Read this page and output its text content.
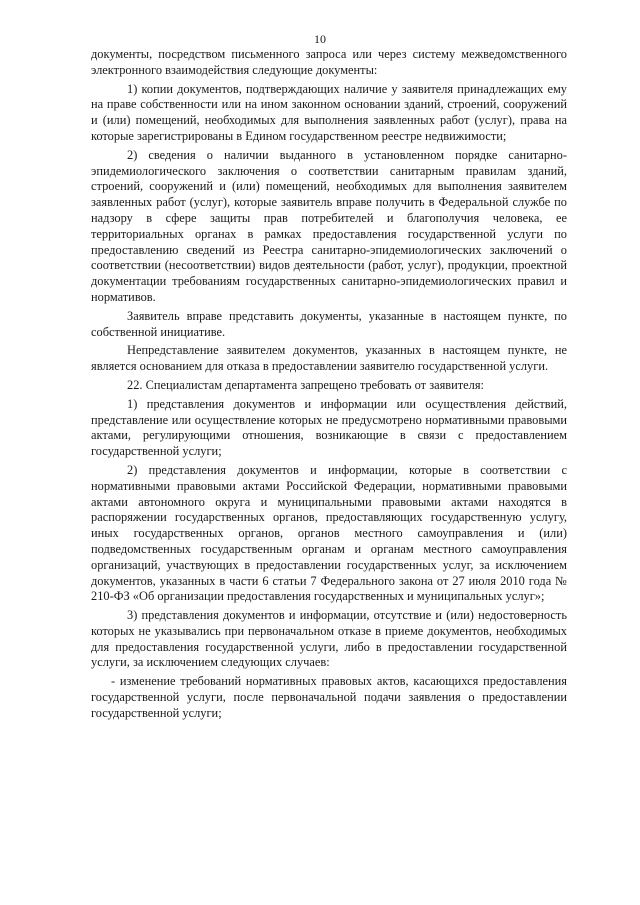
10

документы, посредством письменного запроса или через систему межведомственного электронного взаимодействия следующие документы:

1) копии документов, подтверждающих наличие у заявителя принадлежащих ему на праве собственности или на ином законном основании зданий, строений, сооружений и (или) помещений, необходимых для выполнения заявленных работ (услуг), права на которые зарегистрированы в Едином государственном реестре недвижимости;

2) сведения о наличии выданного в установленном порядке санитарно-эпидемиологического заключения о соответствии санитарным правилам зданий, строений, сооружений и (или) помещений, необходимых для выполнения заявителем заявленных работ (услуг), которые заявитель вправе получить в Федеральной службе по надзору в сфере защиты прав потребителей и благополучия человека, ее территориальных органах в рамках предоставления государственной услуги по предоставлению сведений из Реестра санитарно-эпидемиологических заключений о соответствии (несоответствии) видов деятельности (работ, услуг), продукции, проектной документации требованиям государственных санитарно-эпидемиологических правил и нормативов.

Заявитель вправе представить документы, указанные в настоящем пункте, по собственной инициативе.

Непредставление заявителем документов, указанных в настоящем пункте, не является основанием для отказа в предоставлении заявителю государственной услуги.

22. Специалистам департамента запрещено требовать от заявителя:

1) представления документов и информации или осуществления действий, представление или осуществление которых не предусмотрено нормативными правовыми актами, регулирующими отношения, возникающие в связи с предоставлением государственной услуги;

2) представления документов и информации, которые в соответствии с нормативными правовыми актами Российской Федерации, нормативными правовыми актами автономного округа и муниципальными правовыми актами находятся в распоряжении государственных органов, предоставляющих государственную услугу, иных государственных органов, органов местного самоуправления и (или) подведомственных государственным органам и органам местного самоуправления организаций, участвующих в предоставлении государственных услуг, за исключением документов, указанных в части 6 статьи 7 Федерального закона от 27 июля 2010 года № 210-ФЗ «Об организации предоставления государственных и муниципальных услуг»;

3) представления документов и информации, отсутствие и (или) недостоверность которых не указывались при первоначальном отказе в приеме документов, необходимых для предоставления государственной услуги, либо в предоставлении государственной услуги, за исключением следующих случаев:

- изменение требований нормативных правовых актов, касающихся предоставления государственной услуги, после первоначальной подачи заявления о предоставлении государственной услуги;
